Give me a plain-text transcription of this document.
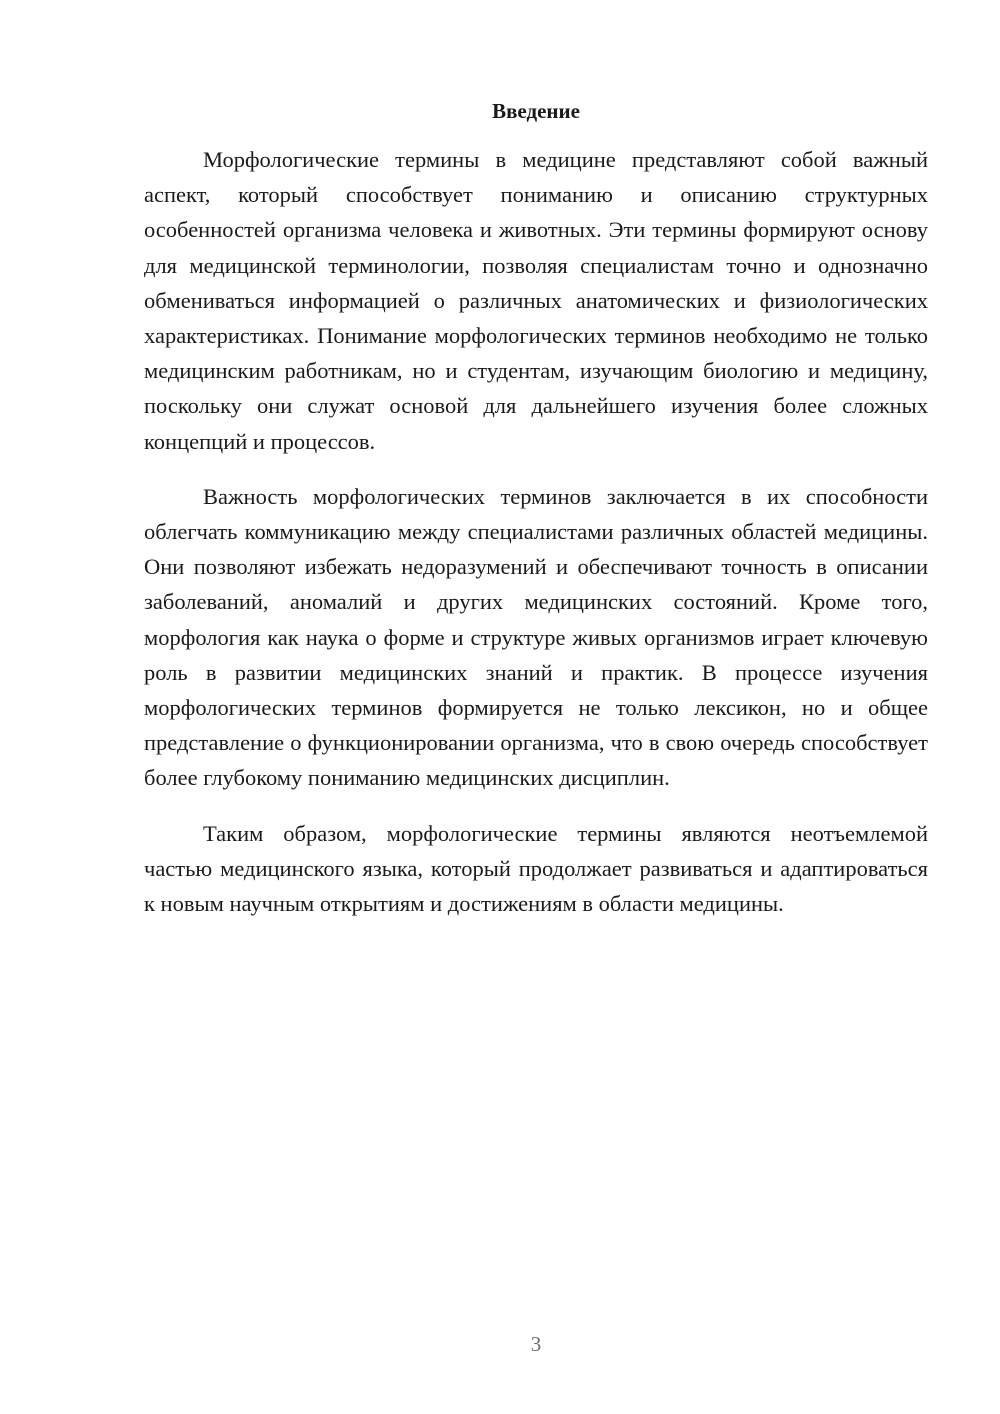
Введение

Морфологические термины в медицине представляют собой важный аспект, который способствует пониманию и описанию структурных особенностей организма человека и животных. Эти термины формируют основу для медицинской терминологии, позволяя специалистам точно и однозначно обмениваться информацией о различных анатомических и физиологических характеристиках. Понимание морфологических терминов необходимо не только медицинским работникам, но и студентам, изучающим биологию и медицину, поскольку они служат основой для дальнейшего изучения более сложных концепций и процессов.

Важность морфологических терминов заключается в их способности облегчать коммуникацию между специалистами различных областей медицины. Они позволяют избежать недоразумений и обеспечивают точность в описании заболеваний, аномалий и других медицинских состояний. Кроме того, морфология как наука о форме и структуре живых организмов играет ключевую роль в развитии медицинских знаний и практик. В процессе изучения морфологических терминов формируется не только лексикон, но и общее представление о функционировании организма, что в свою очередь способствует более глубокому пониманию медицинских дисциплин.

Таким образом, морфологические термины являются неотъемлемой частью медицинского языка, который продолжает развиваться и адаптироваться к новым научным открытиям и достижениям в области медицины.

3
